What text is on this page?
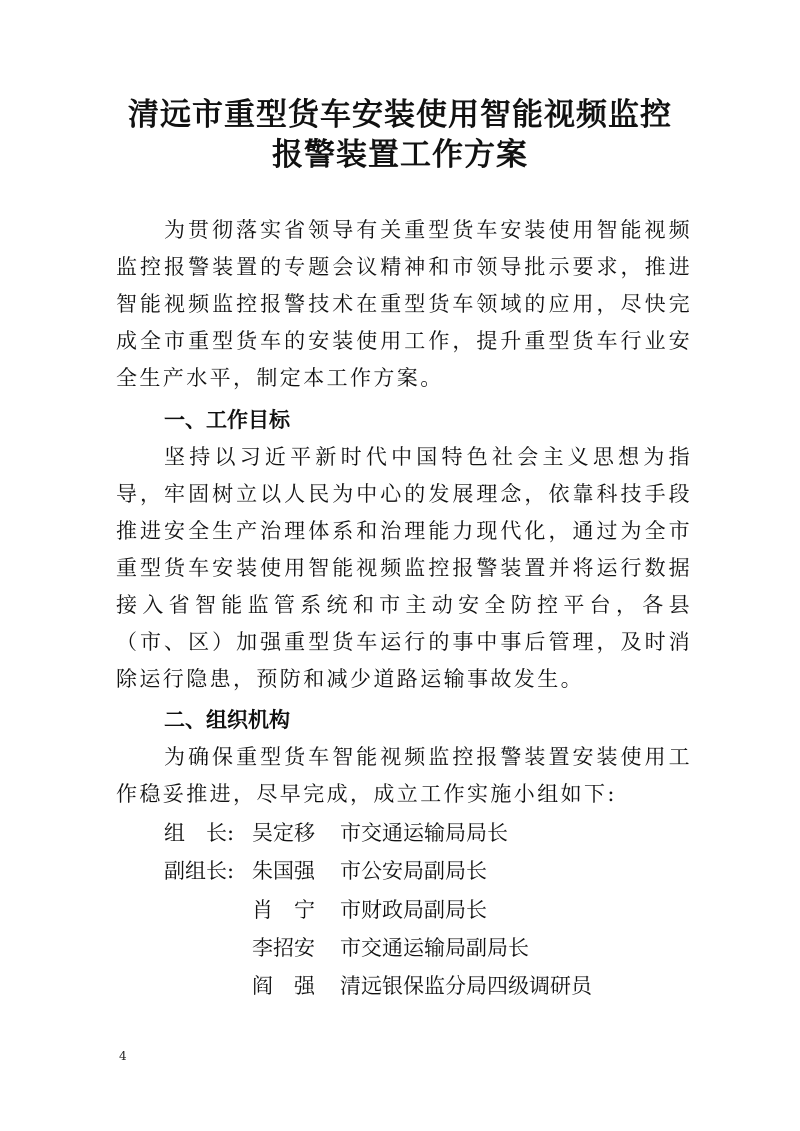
清远市重型货车安装使用智能视频监控
报警装置工作方案

为贯彻落实省领导有关重型货车安装使用智能视频监控报警装置的专题会议精神和市领导批示要求，推进智能视频监控报警技术在重型货车领域的应用，尽快完成全市重型货车的安装使用工作，提升重型货车行业安全生产水平，制定本工作方案。

一、工作目标

坚持以习近平新时代中国特色社会主义思想为指导，牢固树立以人民为中心的发展理念，依靠科技手段推进安全生产治理体系和治理能力现代化，通过为全市重型货车安装使用智能视频监控报警装置并将运行数据接入省智能监管系统和市主动安全防控平台，各县（市、区）加强重型货车运行的事中事后管理，及时消除运行隐患，预防和减少道路运输事故发生。

二、组织机构

为确保重型货车智能视频监控报警装置安装使用工作稳妥推进，尽早完成，成立工作实施小组如下:

组　长: 吴定移	市交通运输局局长
副组长: 朱国强	市公安局副局长
肖　宁	市财政局副局长
李招安	市交通运输局副局长
阎　强	清远银保监分局四级调研员
4
